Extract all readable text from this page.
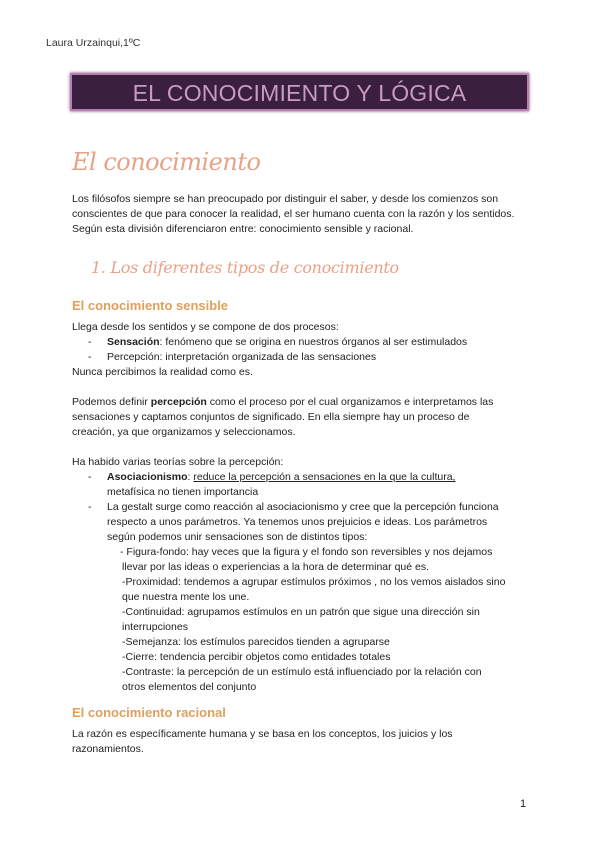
Laura Urzainqui,1ºC
EL CONOCIMIENTO Y LÓGICA
El conocimiento
Los filósofos siempre se han preocupado por distinguir el saber, y desde los comienzos son conscientes de que para conocer la realidad, el ser humano cuenta con la razón y los sentidos. Según esta división diferenciaron entre: conocimiento sensible y racional.
1. Los diferentes tipos de conocimiento
El conocimiento sensible
Llega desde los sentidos y se compone de dos procesos:
- Sensación: fenómeno que se origina en nuestros órganos al ser estimulados
- Percepción: interpretación organizada de las sensaciones
Nunca percibimos la realidad como es.
Podemos definir percepción como el proceso por el cual organizamos e interpretamos las
sensaciones y captamos conjuntos de significado. En ella siempre hay un proceso de
creación, ya que organizamos y seleccionamos.
Ha habido varias teorías sobre la percepción:
- Asociacionismo: reduce la percepción a sensaciones en la que la cultura,
metafísica no tienen importancia
- La gestalt surge como reacción al asociacionismo y cree que la percepción funciona
respecto a unos parámetros. Ya tenemos unos prejuicios e ideas. Los parámetros
según podemos unir sensaciones son de distintos tipos:
- Figura-fondo: hay veces que la figura y el fondo son reversibles y nos dejamos
llevar por las ideas o experiencias a la hora de determinar qué es.
-Proximidad: tendemos a agrupar estímulos próximos , no los vemos aislados sino
que nuestra mente los une.
-Continuidad: agrupamos estímulos en un patrón que sigue una dirección sin
interrupciones
-Semejanza: los estímulos parecidos tienden a agruparse
-Cierre: tendencia percibir objetos como entidades totales
-Contraste: la percepción de un estímulo está influenciado por la relación con
otros elementos del conjunto
El conocimiento racional
La razón es específicamente humana y se basa en los conceptos, los juicios y los
razonamientos.
1
